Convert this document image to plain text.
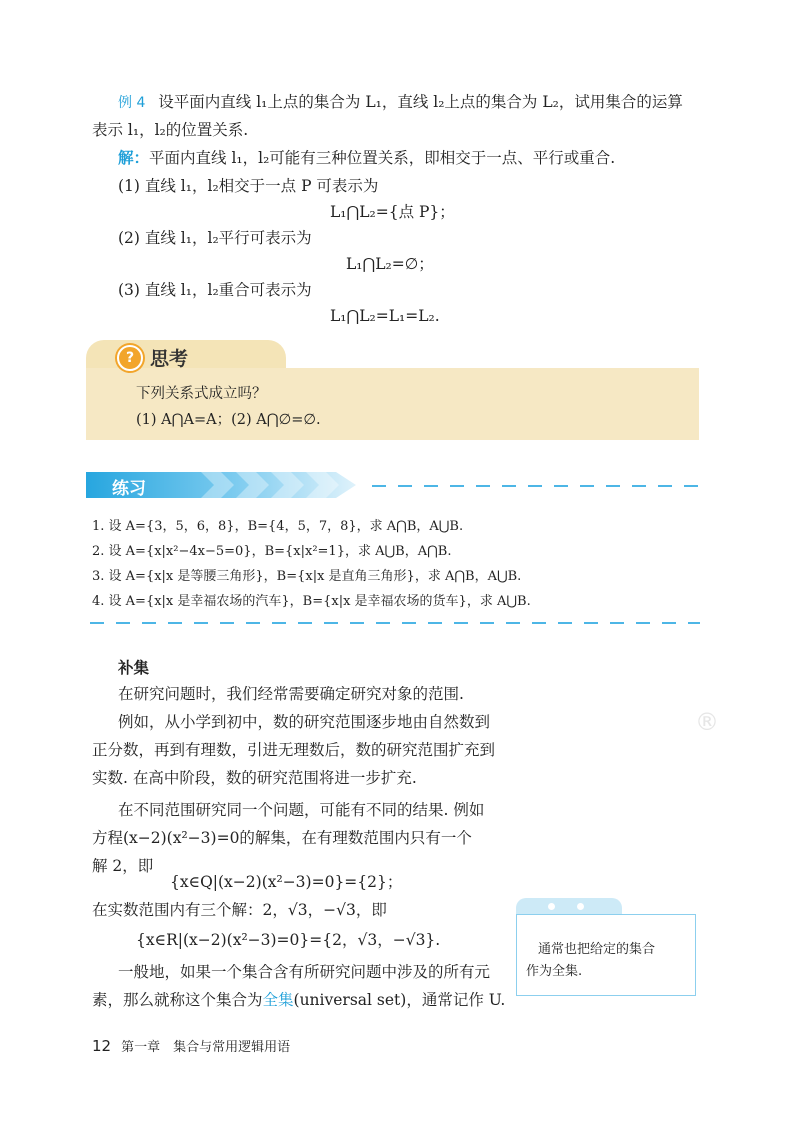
®
例 4 设平面内直线 l₁上点的集合为 L₁，直线 l₂上点的集合为 L₂，试用集合的运算
表示 l₁，l₂的位置关系.
解：平面内直线 l₁，l₂可能有三种位置关系，即相交于一点、平行或重合.
(1) 直线 l₁，l₂相交于一点 P 可表示为
L₁⋂L₂={点 P}；
(2) 直线 l₁，l₂平行可表示为
L₁⋂L₂=∅；
(3) 直线 l₁，l₂重合可表示为
L₁⋂L₂=L₁=L₂.
? 思考
下列关系式成立吗？
(1) A⋂A=A；(2) A⋂∅=∅.
练习
1. 设 A={3，5，6，8}，B={4，5，7，8}，求 A⋂B，A⋃B.
2. 设 A={x|x²−4x−5=0}，B={x|x²=1}，求 A⋃B，A⋂B.
3. 设 A={x|x 是等腰三角形}，B={x|x 是直角三角形}，求 A⋂B，A⋃B.
4. 设 A={x|x 是幸福农场的汽车}，B={x|x 是幸福农场的货车}，求 A⋃B.
补集
在研究问题时，我们经常需要确定研究对象的范围.
例如，从小学到初中，数的研究范围逐步地由自然数到
正分数，再到有理数，引进无理数后，数的研究范围扩充到
实数. 在高中阶段，数的研究范围将进一步扩充.
在不同范围研究同一个问题，可能有不同的结果. 例如
方程(x−2)(x²−3)=0的解集，在有理数范围内只有一个
解 2，即
{x∈Q|(x−2)(x²−3)=0}={2}；
在实数范围内有三个解：2，√3，−√3，即
{x∈R|(x−2)(x²−3)=0}={2，√3，−√3}.
一般地，如果一个集合含有所研究问题中涉及的所有元
素，那么就称这个集合为全集(universal set)，通常记作 U.
通常也把给定的集合
作为全集.
12 第一章　集合与常用逻辑用语
